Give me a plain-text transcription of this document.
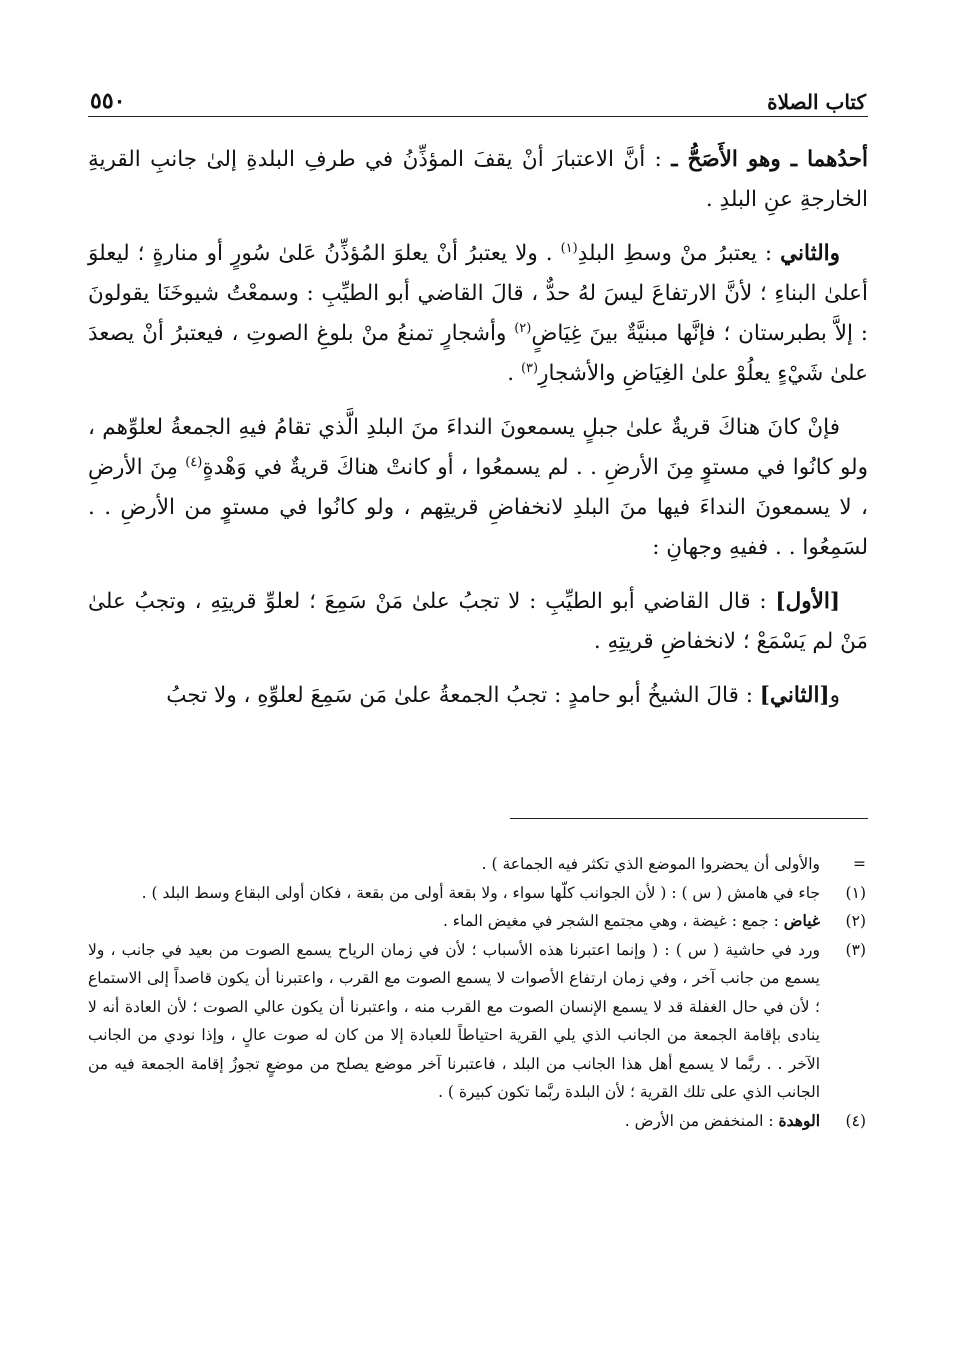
٥٥٠	كتاب الصلاة

أحدُهما ـ وهو الأَصَحُّ ـ : أنَّ الاعتبارَ أنْ يقفَ المؤذِّنُ في طرفِ البلدةِ إلىٰ جانبِ القريةِ الخارجةِ عنِ البلدِ .

والثاني : يعتبرُ منْ وسطِ البلدِ$^{(١)}$ . ولا يعتبرُ أنْ يعلوَ المُؤذِّنُ عَلىٰ سُورٍ أو منارةٍ ؛ ليعلوَ أعلىٰ البناءِ ؛ لأنَّ الارتفاعَ ليسَ لهُ حدٌّ ، قالَ القاضي أبو الطيِّبِ : وسمعْتُ شيوخَنَا يقولونَ : إلاَّ بطبرستان ؛ فإنَّها مبنيَّةٌ بينَ غِيَاضٍ$^{(٢)}$ وأشجارٍ تمنعُ منْ بلوغِ الصوتِ ، فيعتبرُ أنْ يصعدَ علىٰ شَيْءٍ يعلُوْ علىٰ الغِيَاضِ والأشجارِ$^{(٣)}$ .

فإنْ كانَ هناكَ قريةٌ علىٰ جبلٍ يسمعونَ النداءَ منَ البلدِ الَّذي تقامُ فيهِ الجمعةُ لعلوِّهم ، ولو كانُوا في مستوٍ مِنَ الأرضِ . . لم يسمعُوا ، أو كانتْ هناكَ قريةٌ في وَهْدةٍ$^{(٤)}$ مِنَ الأرضِ ، لا يسمعونَ النداءَ فيها منَ البلدِ لانخفاضِ قريتِهم ، ولو كانُوا في مستوٍ من الأرضِ . . لسَمِعُوا . . ففيهِ وجهانِ :

[الأول] : قال القاضي أبو الطيِّبِ : لا تجبُ علىٰ مَنْ سَمِعَ ؛ لعلوِّ قريتِهِ ، وتجبُ علىٰ مَنْ لم يَسْمَعْ ؛ لانخفاضِ قريتِهِ .

و[الثاني] : قالَ الشيخُ أبو حامدٍ : تجبُ الجمعةُ علىٰ مَن سَمِعَ لعلوِّهِ ، ولا تجبُ

=
والأولى أن يحضروا الموضع الذي تكثر فيه الجماعة ) .
(١)
جاء في هامش ( س ) : ( لأن الجوانب كلّها سواء ، ولا بقعة أولى من بقعة ، فكان أولى البقاع وسط البلد ) .
(٢)
غياض : جمع : غيضة ، وهي مجتمع الشجر في مغيض الماء .
(٣)
ورد في حاشية ( س ) : ( وإنما اعتبرنا هذه الأسباب ؛ لأن في زمان الرياح يسمع الصوت من بعيد في جانب ، ولا يسمع من جانب آخر ، وفي زمان ارتفاع الأصوات لا يسمع الصوت مع القرب ، واعتبرنا أن يكون قاصداً إلى الاستماع ؛ لأن في حال الغفلة قد لا يسمع الإنسان الصوت مع القرب منه ، واعتبرنا أن يكون عالي الصوت ؛ لأن العادة أنه لا ينادى بإقامة الجمعة من الجانب الذي يلي القرية احتياطاً للعبادة إلا من كان له صوت عالٍ ، وإذا نودي من الجانب الآخر . . ربَّما لا يسمع أهل هذا الجانب من البلد ، فاعتبرنا آخر موضع يصلح من موضعٍ تجوزُ إقامة الجمعة فيه من الجانب الذي على تلك القرية ؛ لأن البلدة ربَّما تكون كبيرة ) .
(٤)
الوهدة : المنخفض من الأرض .
